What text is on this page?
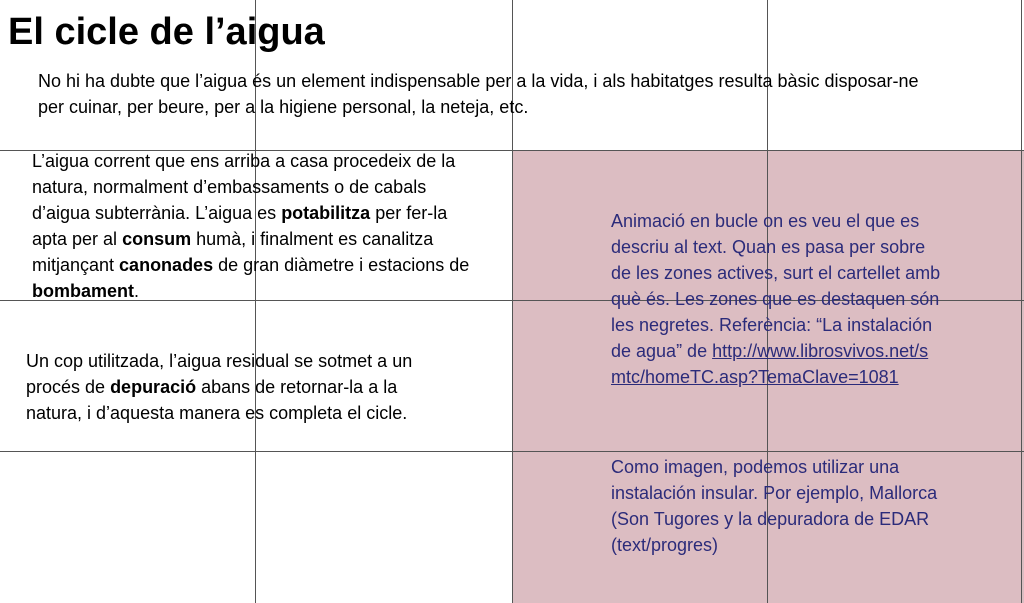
El cicle de l’aigua

No hi ha dubte que l’aigua és un element indispensable per a la vida, i als habitatges resulta bàsic disposar-ne per cuinar, per beure, per a la higiene personal, la neteja, etc.

L’aigua corrent que ens arriba a casa procedeix de la natura, normalment d’embassaments o de cabals d’aigua subterrània. L’aigua es potabilitza per fer-la apta per al consum humà, i finalment es canalitza mitjançant canonades de gran diàmetre i estacions de bombament.

Un cop utilitzada, l’aigua residual se sotmet a un procés de depuració abans de retornar-la a la natura, i d’aquesta manera es completa el cicle.

Animació en bucle on es veu el que es descriu al text. Quan es pasa per sobre de les zones actives, surt el cartellet amb què és. Les zones que es destaquen són les negretes. Referència: “La instalación de agua” de http://www.librosvivos.net/smtc/homeTC.asp?TemaClave=1081

Como imagen, podemos utilizar una instalación insular. Por ejemplo, Mallorca (Son Tugores y la depuradora de EDAR (text/progres)
